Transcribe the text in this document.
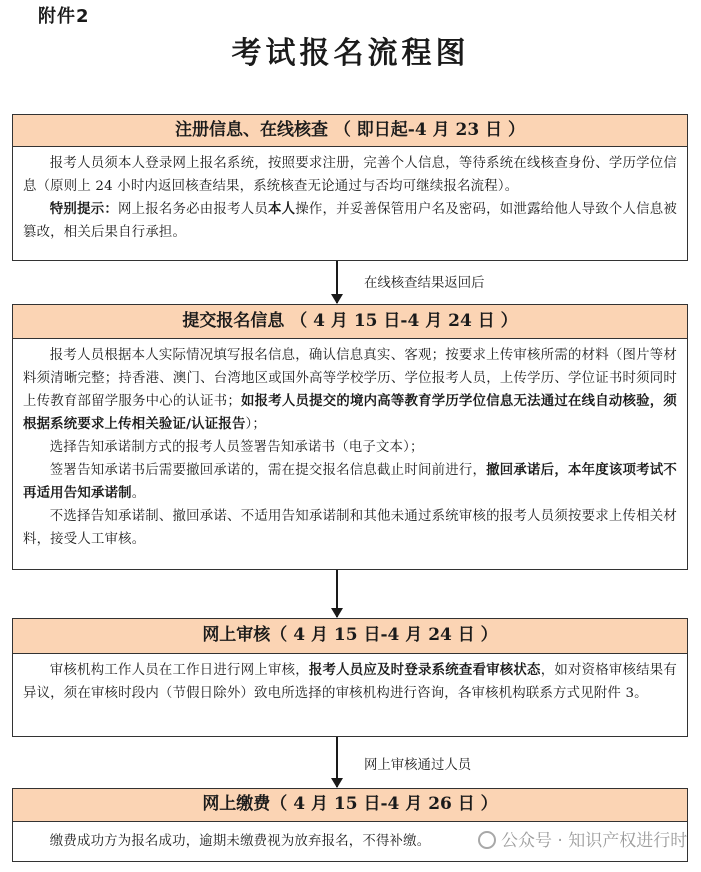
附件2
考试报名流程图
注册信息、在线核查 （ 即日起-4 月 23 日 ）

报考人员须本人登录网上报名系统，按照要求注册，完善个人信息，等待系统在线核查身份、学历学位信息（原则上 24 小时内返回核查结果，系统核查无论通过与否均可继续报名流程）。

特别提示：网上报名务必由报考人员本人操作，并妥善保管用户名及密码，如泄露给他人导致个人信息被篡改，相关后果自行承担。

在线核查结果返回后
提交报名信息 （ 4 月 15 日-4 月 24 日 ）

报考人员根据本人实际情况填写报名信息，确认信息真实、客观；按要求上传审核所需的材料（图片等材料须清晰完整；持香港、澳门、台湾地区或国外高等学校学历、学位报考人员，上传学历、学位证书时须同时上传教育部留学服务中心的认证书；如报考人员提交的境内高等教育学历学位信息无法通过在线自动核验，须根据系统要求上传相关验证/认证报告）；

选择告知承诺制方式的报考人员签署告知承诺书（电子文本）；

签署告知承诺书后需要撤回承诺的，需在提交报名信息截止时间前进行，撤回承诺后，本年度该项考试不再适用告知承诺制。

不选择告知承诺制、撤回承诺、不适用告知承诺制和其他未通过系统审核的报考人员须按要求上传相关材料，接受人工审核。

网上审核（ 4 月 15 日-4 月 24 日 ）

审核机构工作人员在工作日进行网上审核，报考人员应及时登录系统查看审核状态，如对资格审核结果有异议，须在审核时段内（节假日除外）致电所选择的审核机构进行咨询，各审核机构联系方式见附件 3。

网上审核通过人员
网上缴费（ 4 月 15 日-4 月 26 日 ）

缴费成功方为报名成功，逾期未缴费视为放弃报名，不得补缴。	公众号 · 知识产权进行时
